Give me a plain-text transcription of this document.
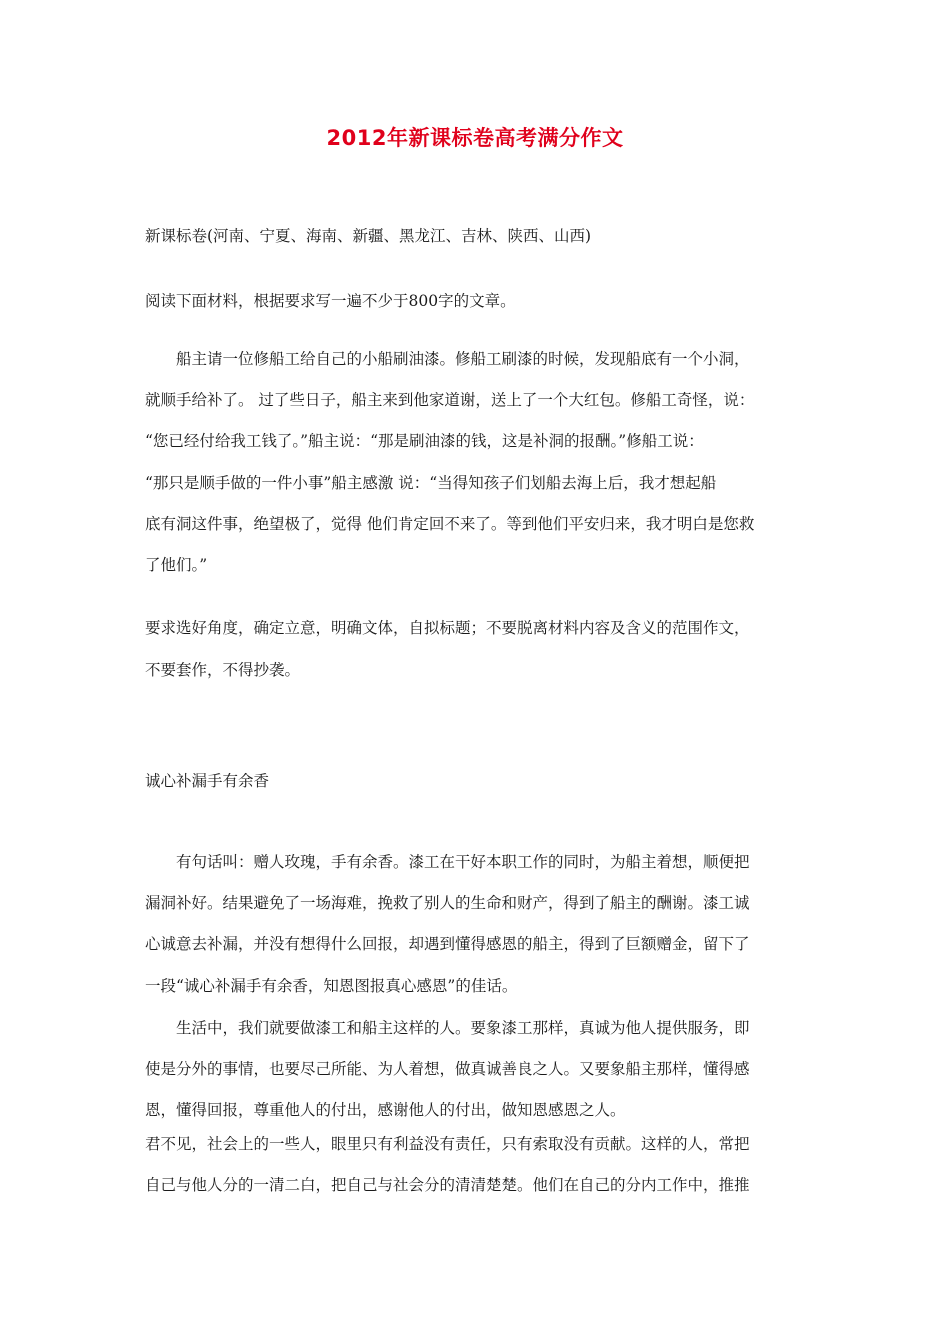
2012年新课标卷高考满分作文

新课标卷(河南、宁夏、海南、新疆、黑龙江、吉林、陕西、山西)

阅读下面材料，根据要求写一遍不少于800字的文章。

船主请一位修船工给自己的小船刷油漆。修船工刷漆的时候，发现船底有一个小洞，

就顺手给补了。 过了些日子，船主来到他家道谢，送上了一个大红包。修船工奇怪，说：

“您已经付给我工钱了。”船主说：“那是刷油漆的钱，这是补洞的报酬。”修船工说：

“那只是顺手做的一件小事”船主感激 说：“当得知孩子们划船去海上后，我才想起船

底有洞这件事，绝望极了，觉得 他们肯定回不来了。等到他们平安归来，我才明白是您救

了他们。”

要求选好角度，确定立意，明确文体，自拟标题；不要脱离材料内容及含义的范围作文，

不要套作，不得抄袭。

诚心补漏手有余香

有句话叫：赠人玫瑰，手有余香。漆工在干好本职工作的同时，为船主着想，顺便把

漏洞补好。结果避免了一场海难，挽救了别人的生命和财产，得到了船主的酬谢。漆工诚

心诚意去补漏，并没有想得什么回报，却遇到懂得感恩的船主，得到了巨额赠金，留下了

一段“诚心补漏手有余香，知恩图报真心感恩”的佳话。

生活中，我们就要做漆工和船主这样的人。要象漆工那样，真诚为他人提供服务，即

使是分外的事情，也要尽己所能、为人着想，做真诚善良之人。又要象船主那样，懂得感

恩，懂得回报，尊重他人的付出，感谢他人的付出，做知恩感恩之人。

君不见，社会上的一些人，眼里只有利益没有责任，只有索取没有贡献。这样的人，常把

自己与他人分的一清二白，把自己与社会分的清清楚楚。他们在自己的分内工作中，推推
